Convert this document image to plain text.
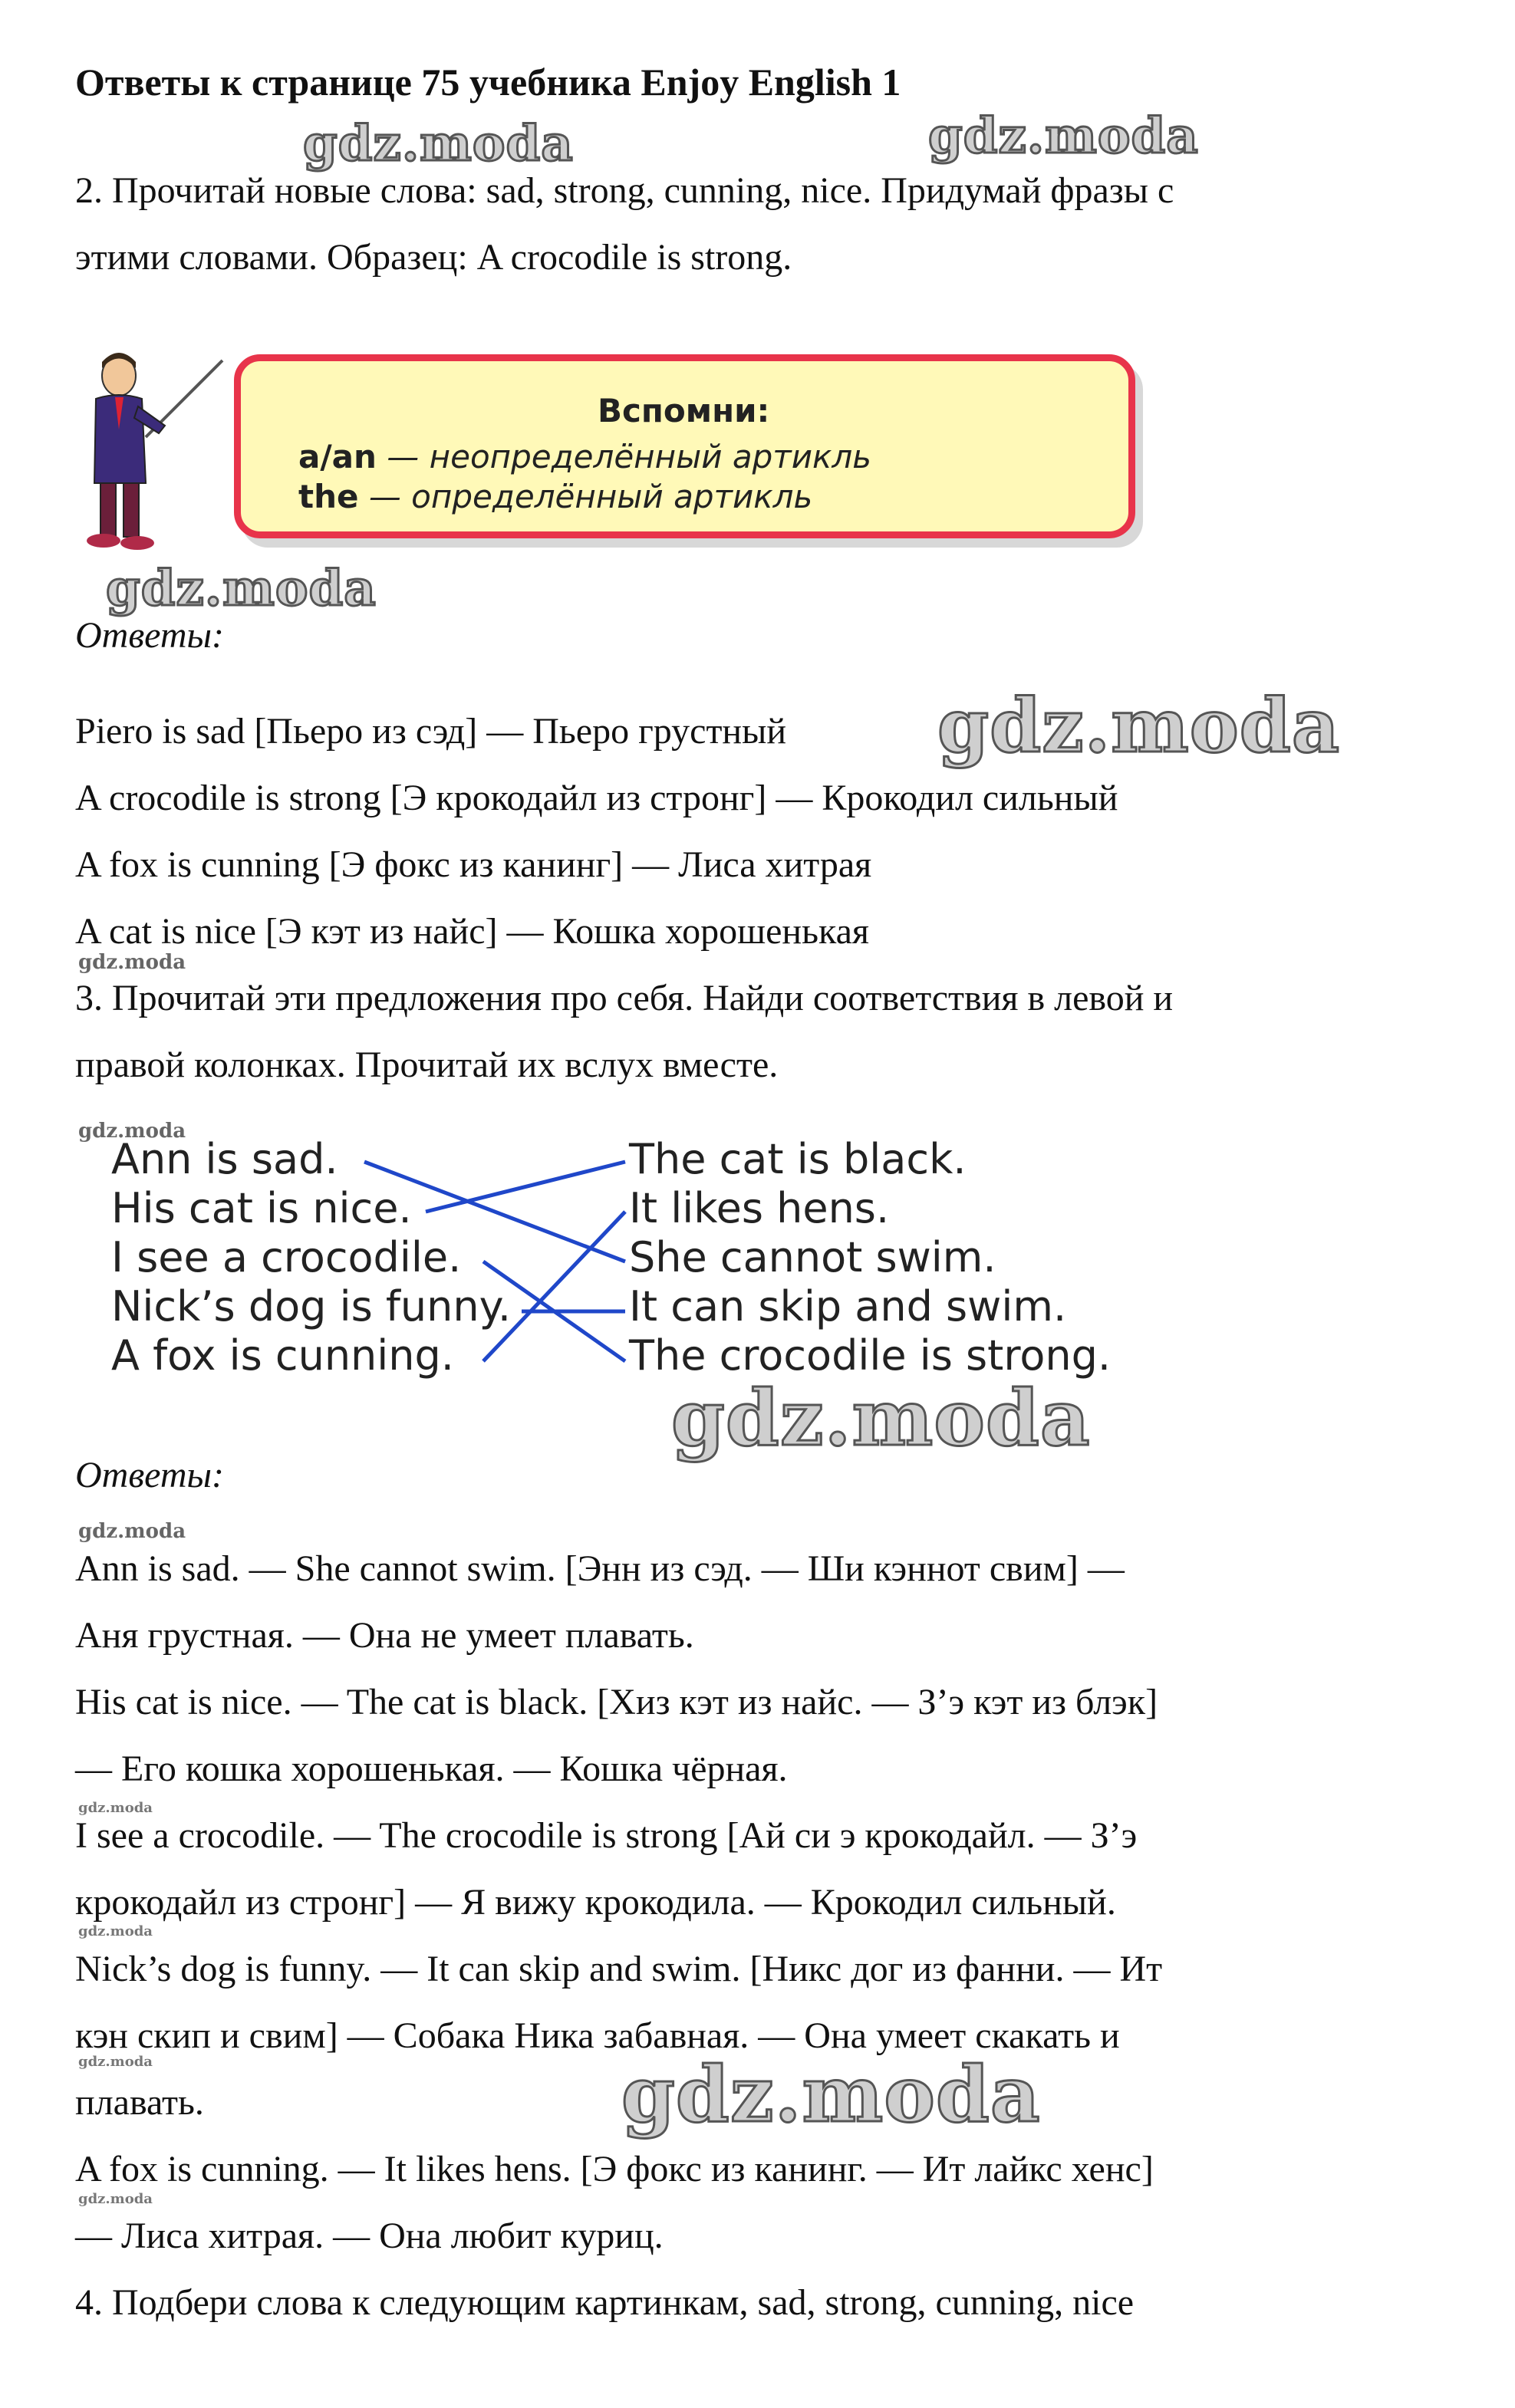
Ответы к странице 75 учебника Enjoy English 1
gdz.moda	gdz.moda
gdz.moda
gdz.moda
gdz.moda
gdz.moda
gdz.moda
gdz.moda
gdz.moda
gdz.moda
gdz.moda
gdz.moda
gdz.moda
2. Прочитай новые слова: sad, strong, cunning, nice. Придумай фразы с
этими словами. Образец: A crocodile is strong.
Вспомни:
a/an — неопределённый артикль
the — определённый артикль
Ответы:
Piero is sad [Пьеро из сэд] — Пьеро грустный
A crocodile is strong [Э крокодайл из стронг] — Крокодил сильный
A fox is cunning [Э фокс из канинг] — Лиса хитрая
A cat is nice [Э кэт из найс] — Кошка хорошенькая
3. Прочитай эти предложения про себя. Найди соответствия в левой и
правой колонках. Прочитай их вслух вместе.
Ann is sad.
His cat is nice.
I see a crocodile.
Nick’s dog is funny.
A fox is cunning.
The cat is black.
It likes hens.
She cannot swim.
It can skip and swim.
The crocodile is strong.
Ответы:
Ann is sad. — She cannot swim. [Энн из сэд. — Ши кэннот свим] —
Аня грустная. — Она не умеет плавать.
His cat is nice. — The cat is black. [Хиз кэт из найс. — З’э кэт из блэк]
— Его кошка хорошенькая. — Кошка чёрная.
I see a crocodile. — The crocodile is strong [Ай си э крокодайл. — З’э
крокодайл из стронг] — Я вижу крокодила. — Крокодил сильный.
Nick’s dog is funny. — It can skip and swim. [Никс дог из фанни. — Ит
кэн скип и свим] — Собака Ника забавная. — Она умеет скакать и
плавать.
A fox is cunning. — It likes hens. [Э фокс из канинг. — Ит лайкс хенс]
— Лиса хитрая. — Она любит куриц.
4. Подбери слова к следующим картинкам, sad, strong, cunning, nice
